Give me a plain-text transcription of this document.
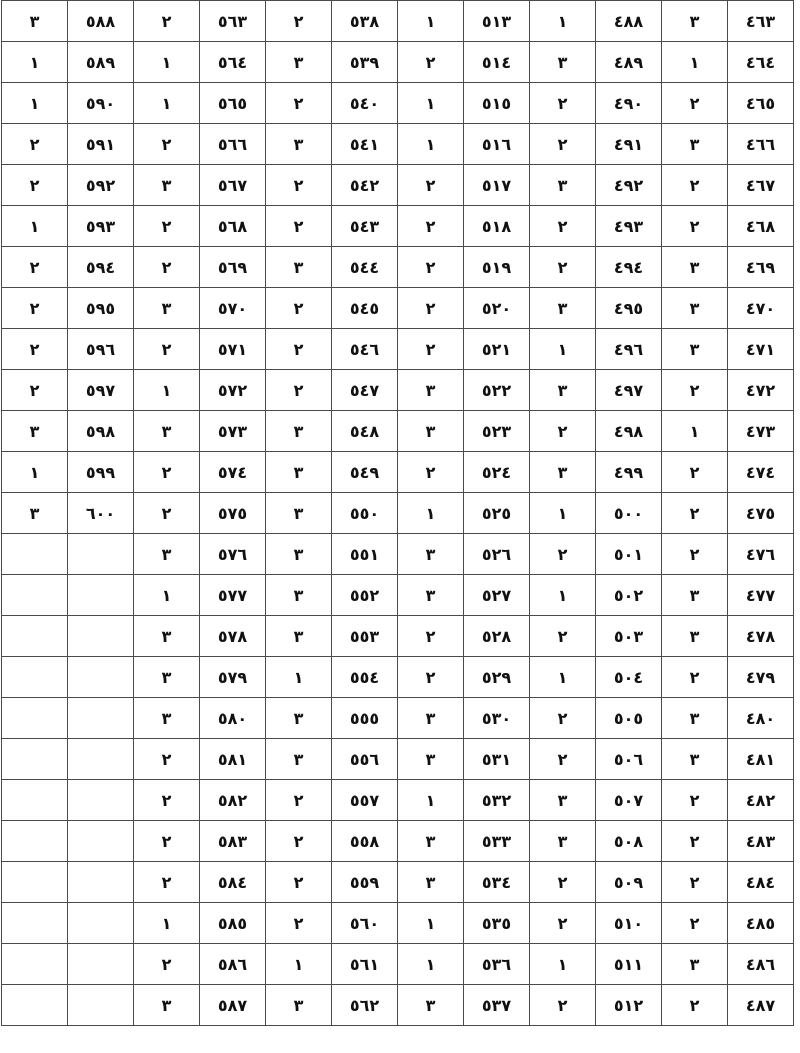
٣	٥٨٨	٢	٥٦٣	٢	٥٣٨	١	٥١٣	١	٤٨٨	٣	٤٦٣
١	٥٨٩	١	٥٦٤	٣	٥٣٩	٢	٥١٤	٣	٤٨٩	١	٤٦٤
١	٥٩٠	١	٥٦٥	٢	٥٤٠	١	٥١٥	٢	٤٩٠	٢	٤٦٥
٢	٥٩١	٢	٥٦٦	٣	٥٤١	١	٥١٦	٢	٤٩١	٣	٤٦٦
٢	٥٩٢	٣	٥٦٧	٢	٥٤٢	٢	٥١٧	٣	٤٩٢	٢	٤٦٧
١	٥٩٣	٢	٥٦٨	٢	٥٤٣	٢	٥١٨	٢	٤٩٣	٢	٤٦٨
٢	٥٩٤	٢	٥٦٩	٣	٥٤٤	٢	٥١٩	٢	٤٩٤	٣	٤٦٩
٢	٥٩٥	٣	٥٧٠	٢	٥٤٥	٢	٥٢٠	٣	٤٩٥	٣	٤٧٠
٢	٥٩٦	٢	٥٧١	٢	٥٤٦	٢	٥٢١	١	٤٩٦	٣	٤٧١
٢	٥٩٧	١	٥٧٢	٢	٥٤٧	٣	٥٢٢	٣	٤٩٧	٢	٤٧٢
٣	٥٩٨	٣	٥٧٣	٣	٥٤٨	٣	٥٢٣	٢	٤٩٨	١	٤٧٣
١	٥٩٩	٢	٥٧٤	٣	٥٤٩	٢	٥٢٤	٣	٤٩٩	٢	٤٧٤
٣	٦٠٠	٢	٥٧٥	٣	٥٥٠	١	٥٢٥	١	٥٠٠	٢	٤٧٥
		٣	٥٧٦	٣	٥٥١	٣	٥٢٦	٢	٥٠١	٢	٤٧٦
		١	٥٧٧	٣	٥٥٢	٣	٥٢٧	١	٥٠٢	٣	٤٧٧
		٣	٥٧٨	٣	٥٥٣	٢	٥٢٨	٢	٥٠٣	٣	٤٧٨
		٣	٥٧٩	١	٥٥٤	٢	٥٢٩	١	٥٠٤	٢	٤٧٩
		٣	٥٨٠	٣	٥٥٥	٣	٥٣٠	٢	٥٠٥	٣	٤٨٠
		٢	٥٨١	٣	٥٥٦	٣	٥٣١	٢	٥٠٦	٣	٤٨١
		٢	٥٨٢	٢	٥٥٧	١	٥٣٢	٣	٥٠٧	٢	٤٨٢
		٢	٥٨٣	٢	٥٥٨	٣	٥٣٣	٣	٥٠٨	٢	٤٨٣
		٢	٥٨٤	٢	٥٥٩	٣	٥٣٤	٢	٥٠٩	٢	٤٨٤
		١	٥٨٥	٢	٥٦٠	١	٥٣٥	٢	٥١٠	٢	٤٨٥
		٢	٥٨٦	١	٥٦١	١	٥٣٦	١	٥١١	٣	٤٨٦
		٣	٥٨٧	٣	٥٦٢	٣	٥٣٧	٢	٥١٢	٢	٤٨٧
